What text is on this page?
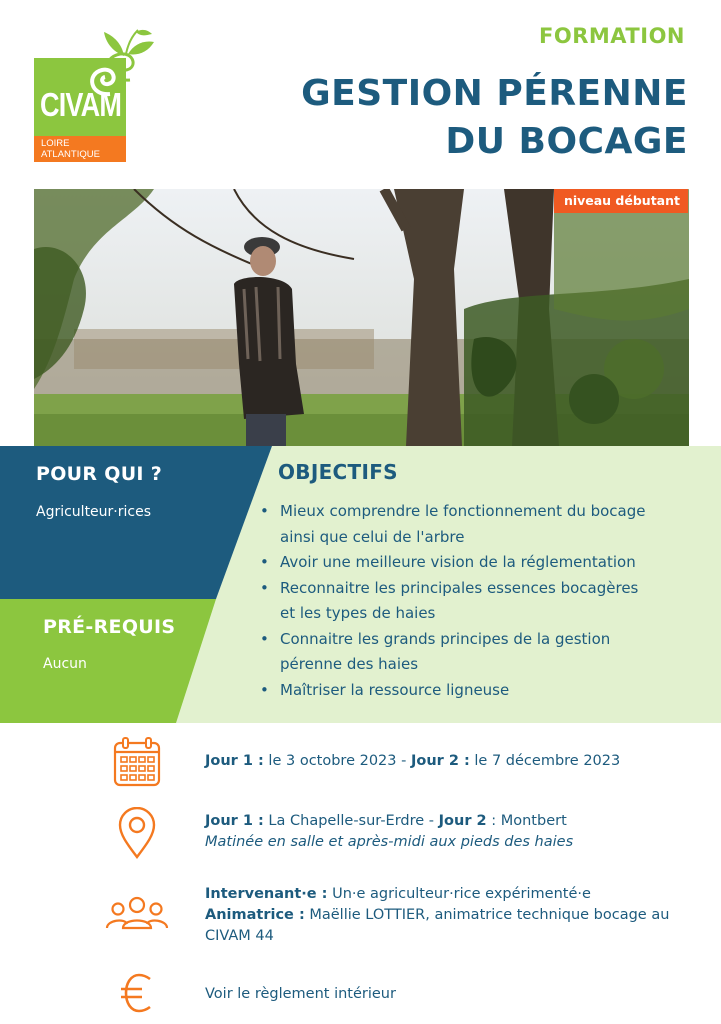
CIVAM
LOIRE
ATLANTIQUE
FORMATION
GESTION PÉRENNE
DU BOCAGE
niveau débutant
POUR QUI ?
Agriculteur·rices
PRÉ-REQUIS
Aucun
OBJECTIFS
• Mieux comprendre le fonctionnement du bocage
ainsi que celui de l'arbre
• Avoir une meilleure vision de la réglementation
• Reconnaitre les principales essences bocagères
et les types de haies
• Connaitre les grands principes de la gestion
pérenne des haies
• Maîtriser la ressource ligneuse
Jour 1 : le 3 octobre 2023 - Jour 2 : le 7 décembre 2023
Jour 1 : La Chapelle-sur-Erdre - Jour 2 : Montbert
Matinée en salle et après-midi aux pieds des haies
Intervenant·e : Un·e agriculteur·rice expérimenté·e
Animatrice : Maëllie LOTTIER, animatrice technique bocage au CIVAM 44
Voir le règlement intérieur
